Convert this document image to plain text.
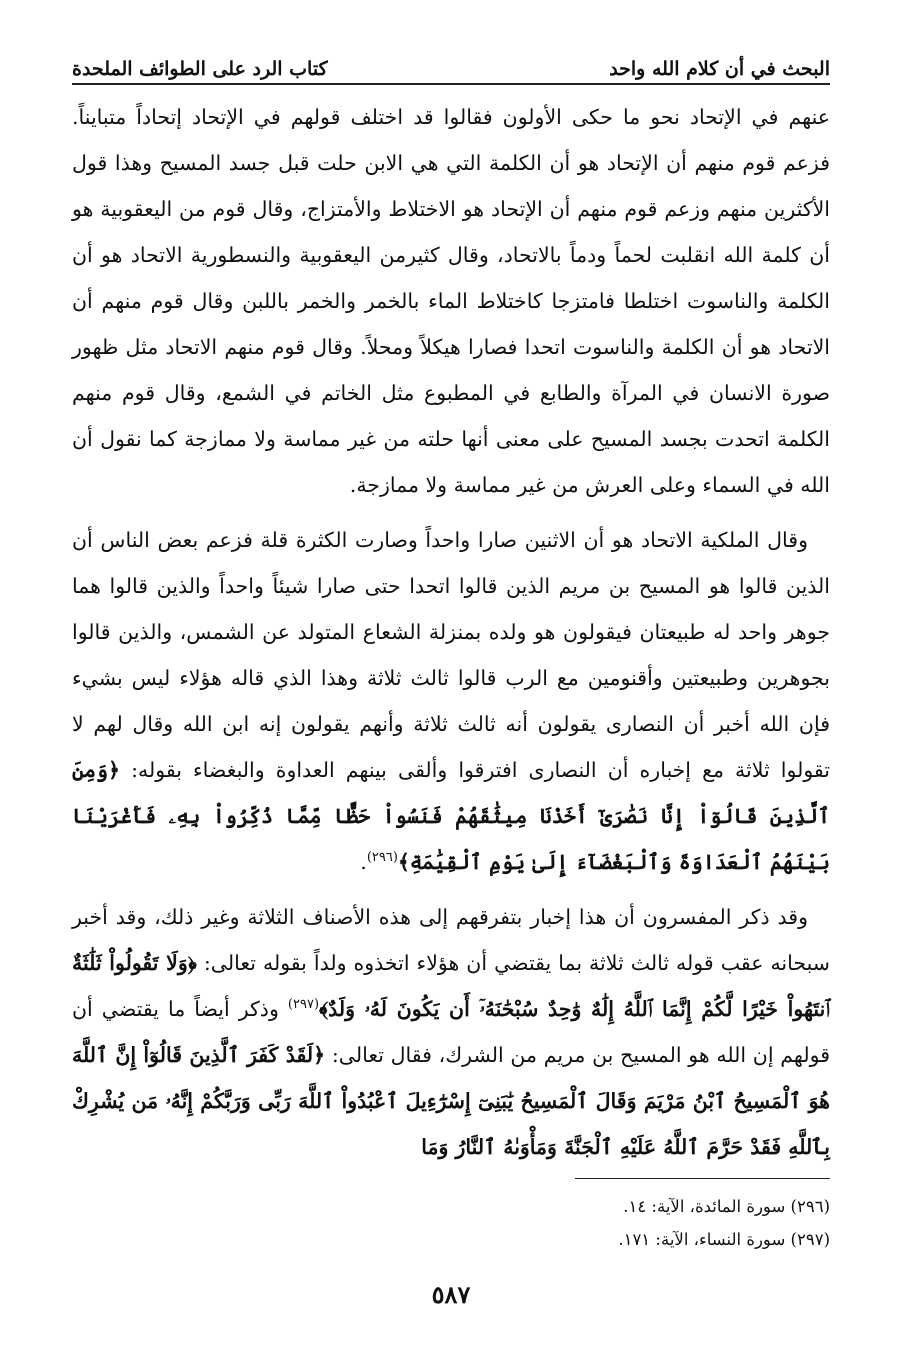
البحث في أن كلام الله واحد
كتاب الرد على الطوائف الملحدة

عنهم في الإتحاد نحو ما حكى الأولون فقالوا قد اختلف قولهم في الإتحاد إتحاداً متبايناً. فزعم قوم منهم أن الإتحاد هو أن الكلمة التي هي الابن حلت قبل جسد المسيح وهذا قول الأكثرين منهم وزعم قوم منهم أن الإتحاد هو الاختلاط والأمتزاج، وقال قوم من اليعقوبية هو أن كلمة الله انقلبت لحماً ودماً بالاتحاد، وقال كثيرمن اليعقوبية والنسطورية الاتحاد هو أن الكلمة والناسوت اختلطا فامتزجا كاختلاط الماء بالخمر والخمر باللبن وقال قوم منهم أن الاتحاد هو أن الكلمة والناسوت اتحدا فصارا هيكلاً ومحلاً. وقال قوم منهم الاتحاد مثل ظهور صورة الانسان في المرآة والطابع في المطبوع مثل الخاتم في الشمع، وقال قوم منهم الكلمة اتحدت بجسد المسيح على معنى أنها حلته من غير مماسة ولا ممازجة كما نقول أن الله في السماء وعلى العرش من غير مماسة ولا ممازجة.

وقال الملكية الاتحاد هو أن الاثنين صارا واحداً وصارت الكثرة قلة فزعم بعض الناس أن الذين قالوا هو المسيح بن مريم الذين قالوا اتحدا حتى صارا شيئاً واحداً والذين قالوا هما جوهر واحد له طبيعتان فيقولون هو ولده بمنزلة الشعاع المتولد عن الشمس، والذين قالوا بجوهرين وطبيعتين وأقنومين مع الرب قالوا ثالث ثلاثة وهذا الذي قاله هؤلاء ليس بشيء فإن الله أخبر أن النصارى يقولون أنه ثالث ثلاثة وأنهم يقولون إنه ابن الله وقال لهم لا تقولوا ثلاثة مع إخباره أن النصارى افترقوا وألقى بينهم العداوة والبغضاء بقوله: ﴿وَمِنَ ٱلَّذِينَ قَالُوٓاْ إِنَّا نَصَٰرَىٰٓ أَخَذْنَا مِيثَٰقَهُمْ فَنَسُواْ حَظًّا مِّمَّا ذُكِّرُواْ بِهِۦ فَأَغْرَيْنَا بَيْنَهُمُ ٱلْعَدَاوَةَ وَٱلْبَغْضَآءَ إِلَىٰ يَوْمِ ٱلْقِيَٰمَةِ﴾$^{(٢٩٦)}$.

وقد ذكر المفسرون أن هذا إخبار بتفرقهم إلى هذه الأصناف الثلاثة وغير ذلك، وقد أخبر سبحانه عقب قوله ثالث ثلاثة بما يقتضي أن هؤلاء اتخذوه ولداً بقوله تعالى: ﴿وَلَا تَقُولُواْ ثَلَٰثَةٌ ٱنتَهُواْ خَيْرًا لَّكُمْ إِنَّمَا ٱللَّهُ إِلَٰهٌ وَٰحِدٌ سُبْحَٰنَهُۥٓ أَن يَكُونَ لَهُۥ وَلَدٌ﴾$^{(٢٩٧)}$ وذكر أيضاً ما يقتضي أن قولهم إن الله هو المسيح بن مريم من الشرك، فقال تعالى: ﴿لَقَدْ كَفَرَ ٱلَّذِينَ قَالُوٓاْ إِنَّ ٱللَّهَ هُوَ ٱلْمَسِيحُ ٱبْنُ مَرْيَمَ وَقَالَ ٱلْمَسِيحُ يَٰبَنِىٓ إِسْرَٰٓءِيلَ ٱعْبُدُواْ ٱللَّهَ رَبِّى وَرَبَّكُمْ إِنَّهُۥ مَن يُشْرِكْ بِٱللَّهِ فَقَدْ حَرَّمَ ٱللَّهُ عَلَيْهِ ٱلْجَنَّةَ وَمَأْوَىٰهُ ٱلنَّارُ وَمَا

(٢٩٦) سورة المائدة، الآية: ١٤.

(٢٩٧) سورة النساء، الآية: ١٧١.

٥٨٧
